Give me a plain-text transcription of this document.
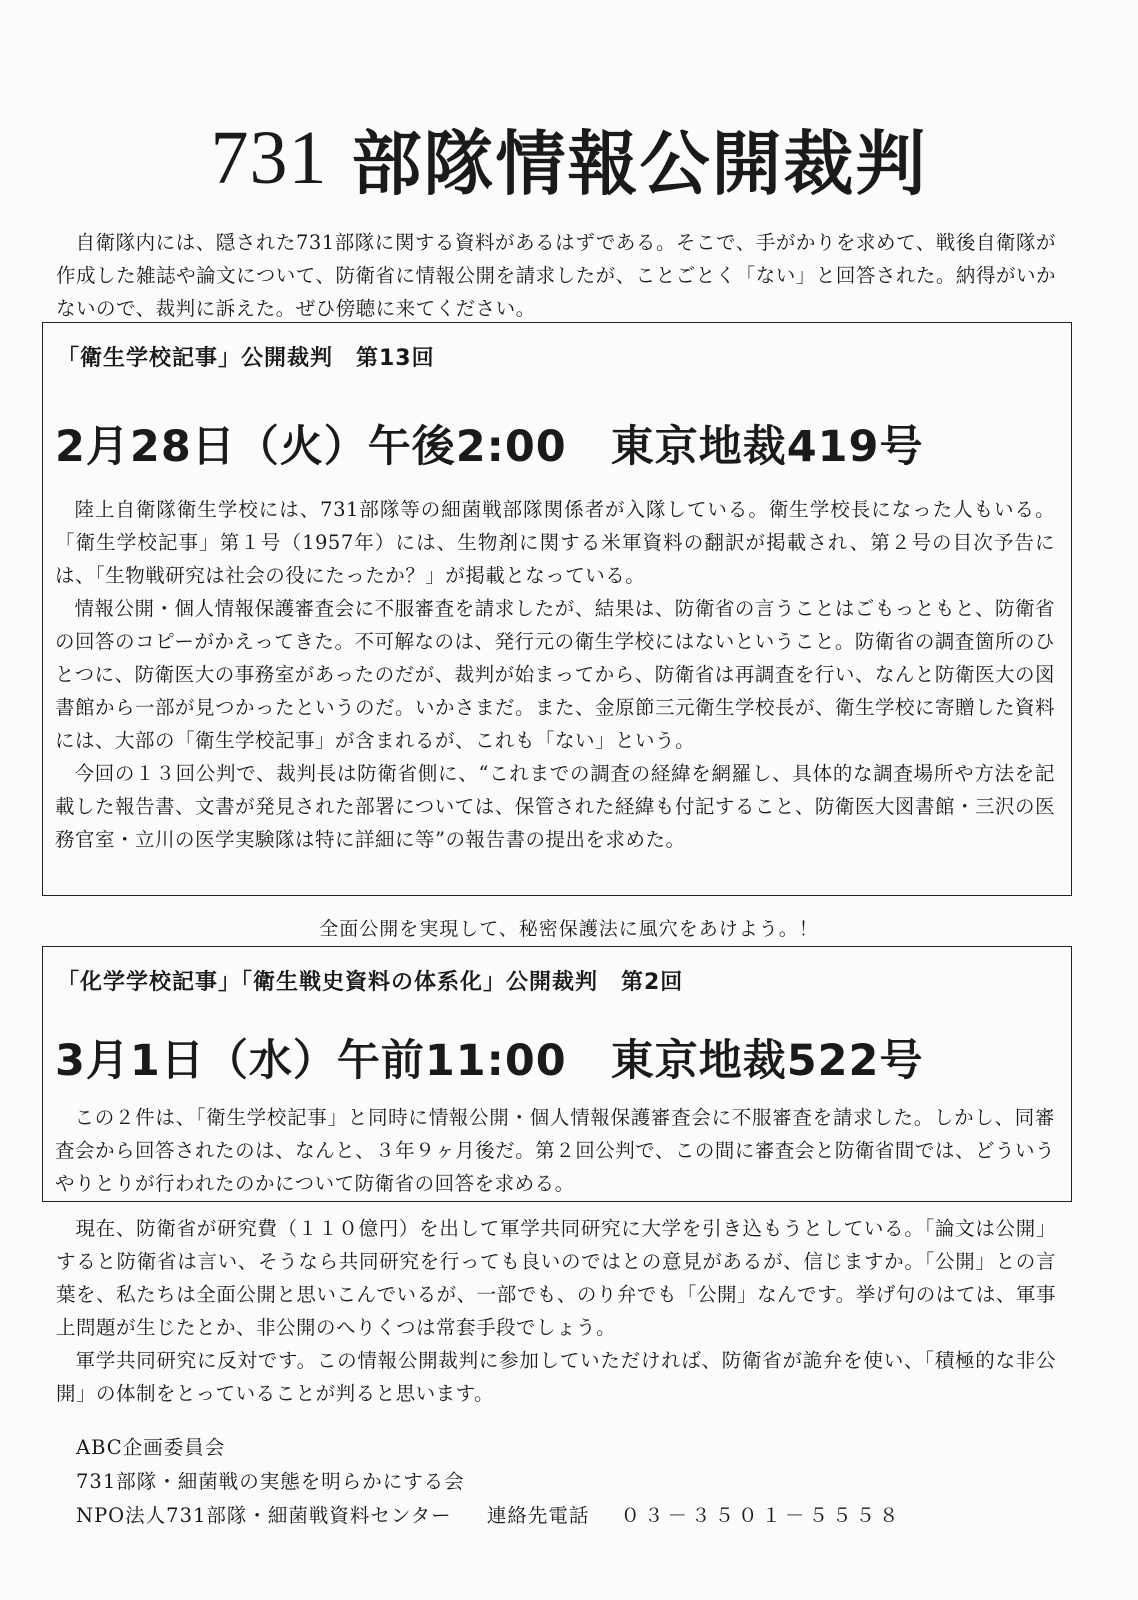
731 部隊情報公開裁判

自衛隊内には、隠された731部隊に関する資料があるはずである。そこで、手がかりを求めて、戦後自衛隊が作成した雑誌や論文について、防衛省に情報公開を請求したが、ことごとく「ない」と回答された。納得がいかないので、裁判に訴えた。ぜひ傍聴に来てください。

「衛生学校記事」公開裁判　第13回
2月28日（火）午後2:00　東京地裁419号

陸上自衛隊衛生学校には、731部隊等の細菌戦部隊関係者が入隊している。衛生学校長になった人もいる。「衛生学校記事」第１号（1957年）には、生物剤に関する米軍資料の翻訳が掲載され、第２号の目次予告には、「生物戦研究は社会の役にたったか？」が掲載となっている。

情報公開・個人情報保護審査会に不服審査を請求したが、結果は、防衛省の言うことはごもっともと、防衛省の回答のコピーがかえってきた。不可解なのは、発行元の衛生学校にはないということ。防衛省の調査箇所のひとつに、防衛医大の事務室があったのだが、裁判が始まってから、防衛省は再調査を行い、なんと防衛医大の図書館から一部が見つかったというのだ。いかさまだ。また、金原節三元衛生学校長が、衛生学校に寄贈した資料には、大部の「衛生学校記事」が含まれるが、これも「ない」という。

今回の１３回公判で、裁判長は防衛省側に、“これまでの調査の経緯を網羅し、具体的な調査場所や方法を記載した報告書、文書が発見された部署については、保管された経緯も付記すること、防衛医大図書館・三沢の医務官室・立川の医学実験隊は特に詳細に等”の報告書の提出を求めた。

全面公開を実現して、秘密保護法に風穴をあけよう。！
「化学学校記事」「衛生戦史資料の体系化」公開裁判　第2回
3月1日（水）午前11:00　東京地裁522号

この２件は、「衛生学校記事」と同時に情報公開・個人情報保護審査会に不服審査を請求した。しかし、同審査会から回答されたのは、なんと、３年９ヶ月後だ。第２回公判で、この間に審査会と防衛省間では、どういうやりとりが行われたのかについて防衛省の回答を求める。

現在、防衛省が研究費（１１０億円）を出して軍学共同研究に大学を引き込もうとしている。「論文は公開」すると防衛省は言い、そうなら共同研究を行っても良いのではとの意見があるが、信じますか。「公開」との言葉を、私たちは全面公開と思いこんでいるが、一部でも、のり弁でも「公開」なんです。挙げ句のはては、軍事上問題が生じたとか、非公開のへりくつは常套手段でしょう。

軍学共同研究に反対です。この情報公開裁判に参加していただければ、防衛省が詭弁を使い、「積極的な非公開」の体制をとっていることが判ると思います。

ABC企画委員会
731部隊・細菌戦の実態を明らかにする会
NPO法人731部隊・細菌戦資料センター 連絡先電話 ０３－３５０１－５５５８
